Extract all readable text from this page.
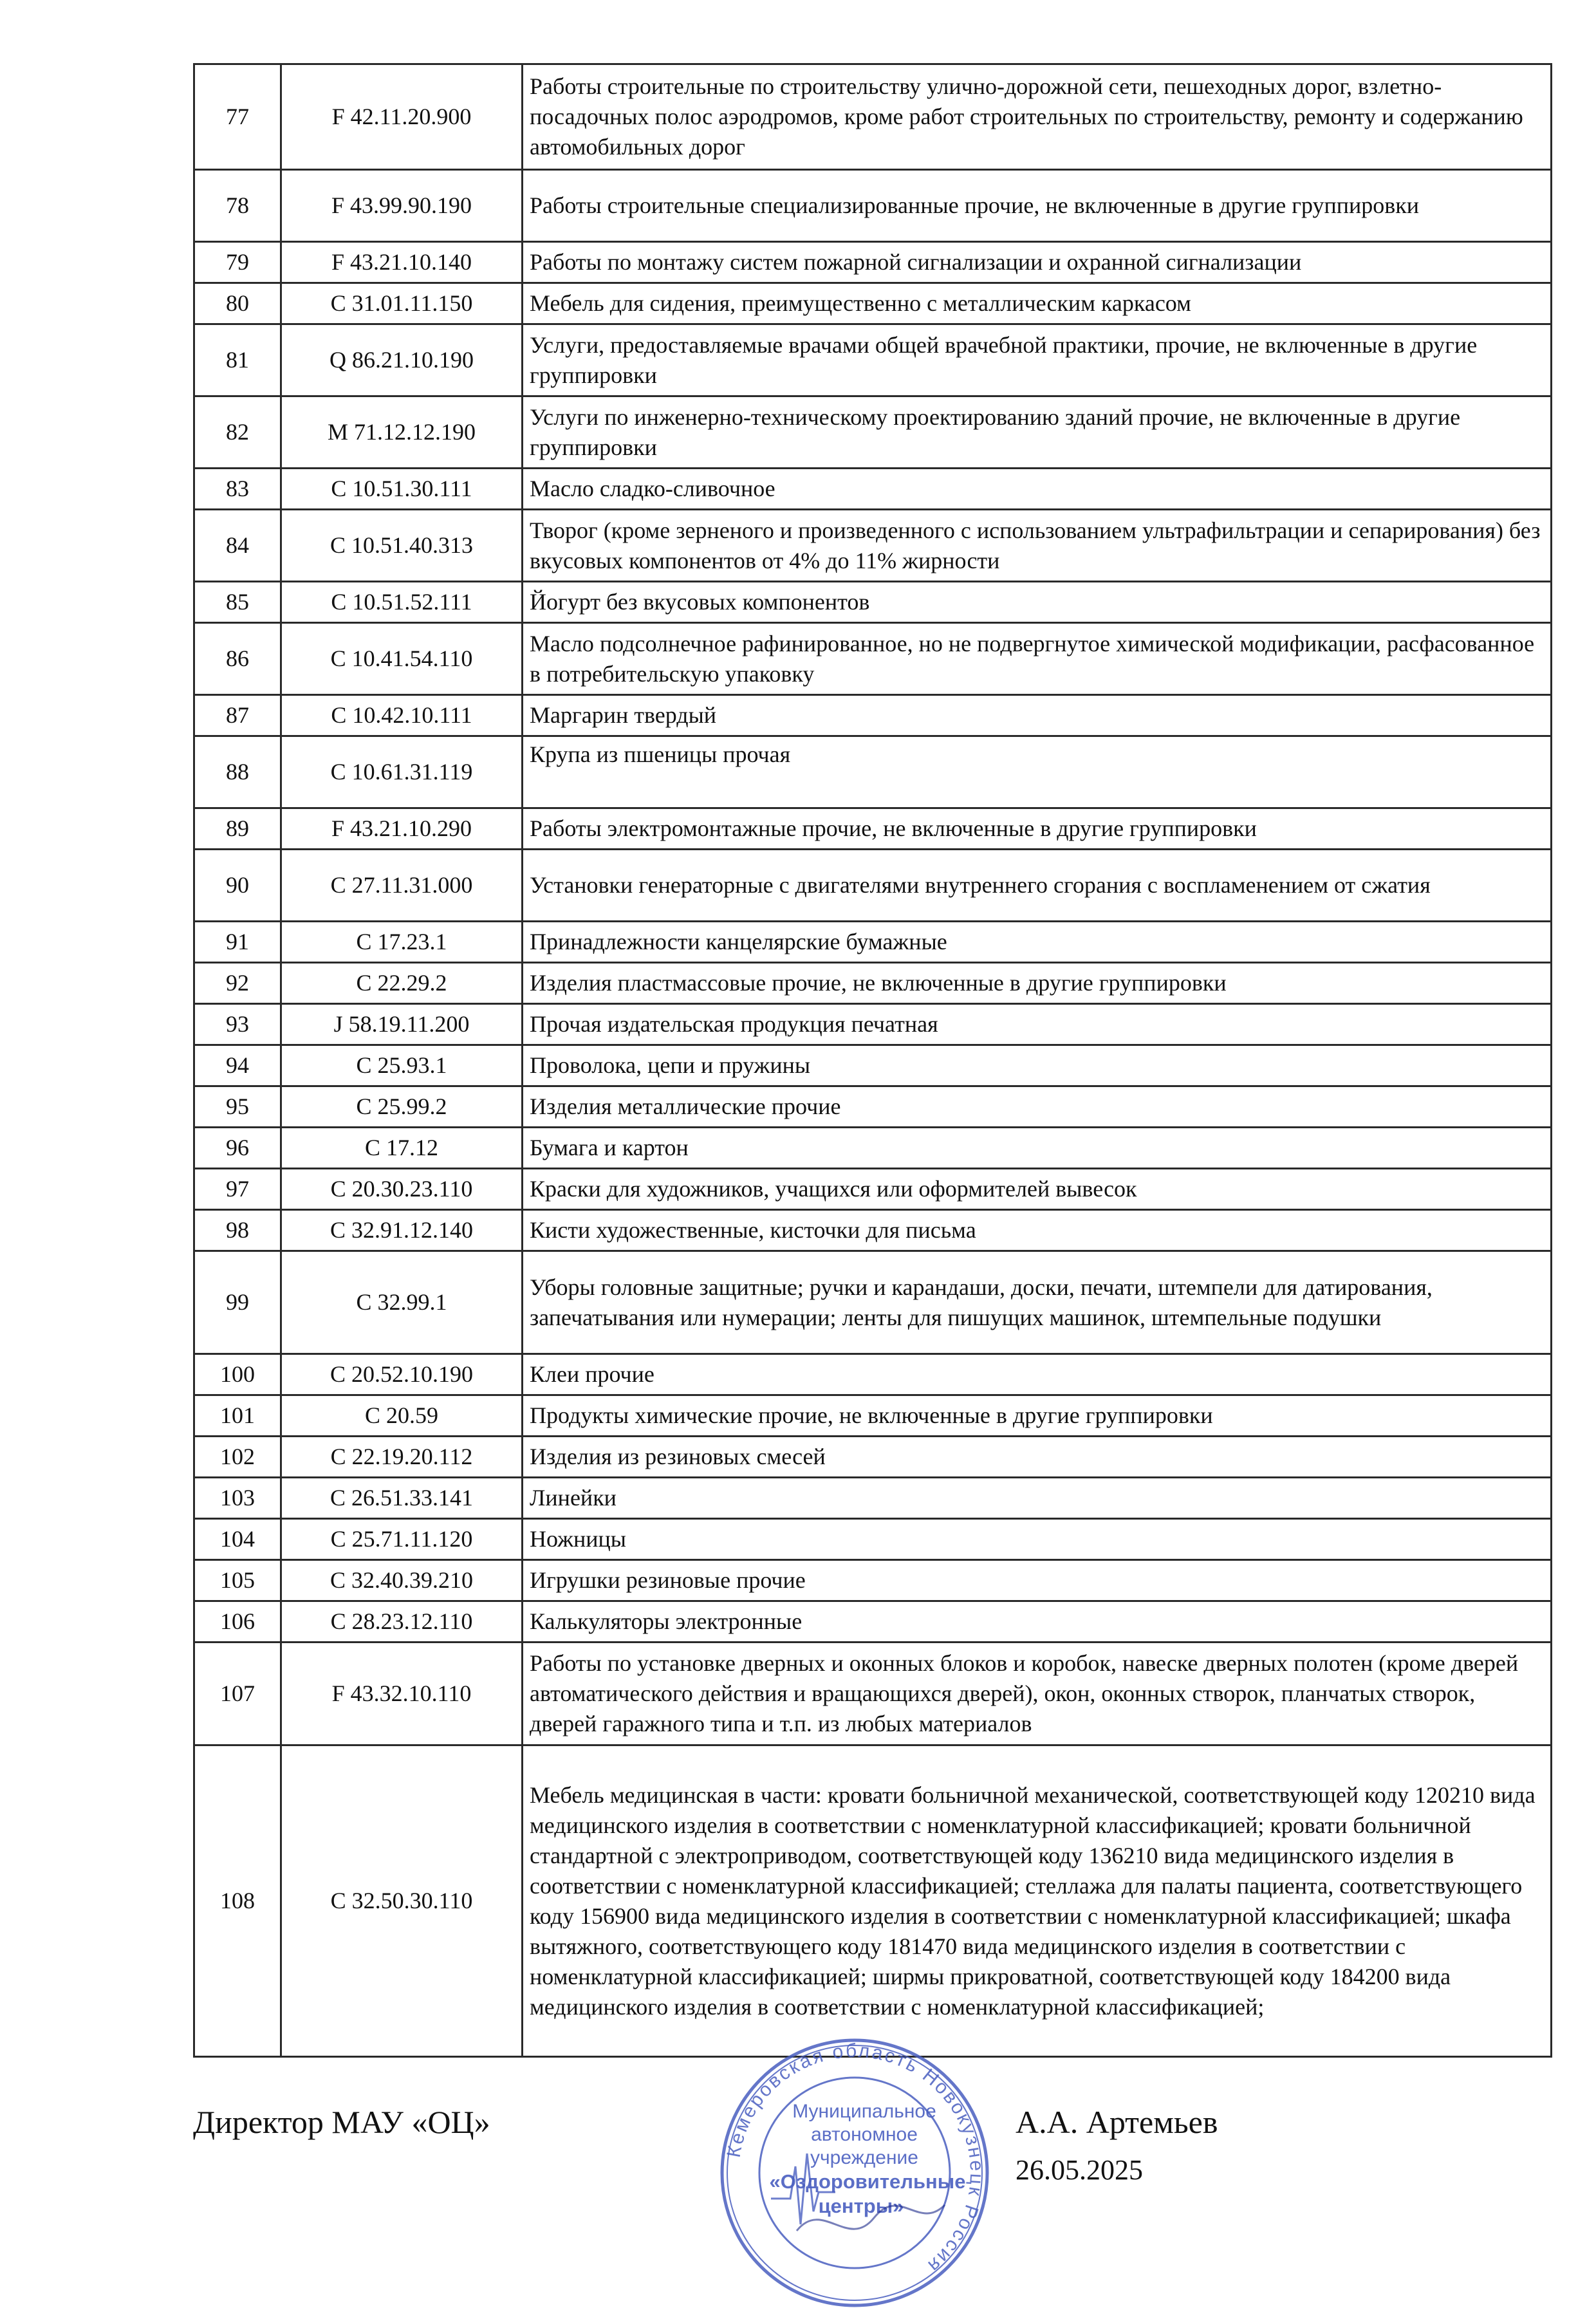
77	F 42.11.20.900	Работы строительные по строительству улично-дорожной сети, пешеходных дорог, взлетно-посадочных полос аэродромов, кроме работ строительных по строительству, ремонту и содержанию автомобильных дорог
78	F 43.99.90.190	Работы строительные специализированные прочие, не включенные в другие группировки
79	F 43.21.10.140	Работы по монтажу систем пожарной сигнализации и охранной сигнализации
80	C 31.01.11.150	Мебель для сидения, преимущественно с металлическим каркасом
81	Q 86.21.10.190	Услуги, предоставляемые врачами общей врачебной практики, прочие, не включенные в другие группировки
82	M 71.12.12.190	Услуги по инженерно-техническому проектированию зданий прочие, не включенные в другие группировки
83	C 10.51.30.111	Масло сладко-сливочное
84	C 10.51.40.313	Творог (кроме зерненого и произведенного с использованием ультрафильтрации и сепарирования) без вкусовых компонентов от 4% до 11% жирности
85	C 10.51.52.111	Йогурт без вкусовых компонентов
86	C 10.41.54.110	Масло подсолнечное рафинированное, но не подвергнутое химической модификации, расфасованное в потребительскую упаковку
87	C 10.42.10.111	Маргарин твердый
88	C 10.61.31.119	Крупа из пшеницы прочая
89	F 43.21.10.290	Работы электромонтажные прочие, не включенные в другие группировки
90	C 27.11.31.000	Установки генераторные с двигателями внутреннего сгорания с воспламенением от сжатия
91	C 17.23.1	Принадлежности канцелярские бумажные
92	C 22.29.2	Изделия пластмассовые прочие, не включенные в другие группировки
93	J 58.19.11.200	Прочая издательская продукция печатная
94	C 25.93.1	Проволока, цепи и пружины
95	C 25.99.2	Изделия металлические прочие
96	C 17.12	Бумага и картон
97	C 20.30.23.110	Краски для художников, учащихся или оформителей вывесок
98	C 32.91.12.140	Кисти художественные, кисточки для письма
99	C 32.99.1	Уборы головные защитные; ручки и карандаши, доски, печати, штемпели для датирования, запечатывания или нумерации; ленты для пишущих машинок, штемпельные подушки
100	C 20.52.10.190	Клеи прочие
101	C 20.59	Продукты химические прочие, не включенные в другие группировки
102	C 22.19.20.112	Изделия из резиновых смесей
103	C 26.51.33.141	Линейки
104	C 25.71.11.120	Ножницы
105	C 32.40.39.210	Игрушки резиновые прочие
106	C 28.23.12.110	Калькуляторы электронные
107	F 43.32.10.110	Работы по установке дверных и оконных блоков и коробок, навеске дверных полотен (кроме дверей автоматического действия и вращающихся дверей), окон, оконных створок, планчатых створок, дверей гаражного типа и т.п. из любых материалов
108	C 32.50.30.110	Мебель медицинская в части: кровати больничной механической, соответствующей коду 120210 вида медицинского изделия в соответствии с номенклатурной классификацией; кровати больничной стандартной с электроприводом, соответствующей коду 136210 вида медицинского изделия в соответствии с номенклатурной классификацией; стеллажа для палаты пациента, соответствующего коду 156900 вида медицинского изделия в соответствии с номенклатурной классификацией; шкафа вытяжного, соответствующего коду 181470 вида медицинского изделия в соответствии с номенклатурной классификацией; ширмы прикроватной, соответствующей коду 184200 вида медицинского изделия в соответствии с номенклатурной классификацией;
Директор МАУ «ОЦ»
Кемеровская область Новокузнецк Россия
Муниципальное
автономное
учреждение
«Оздоровительные
центры»
А.А. Артемьев
26.05.2025
